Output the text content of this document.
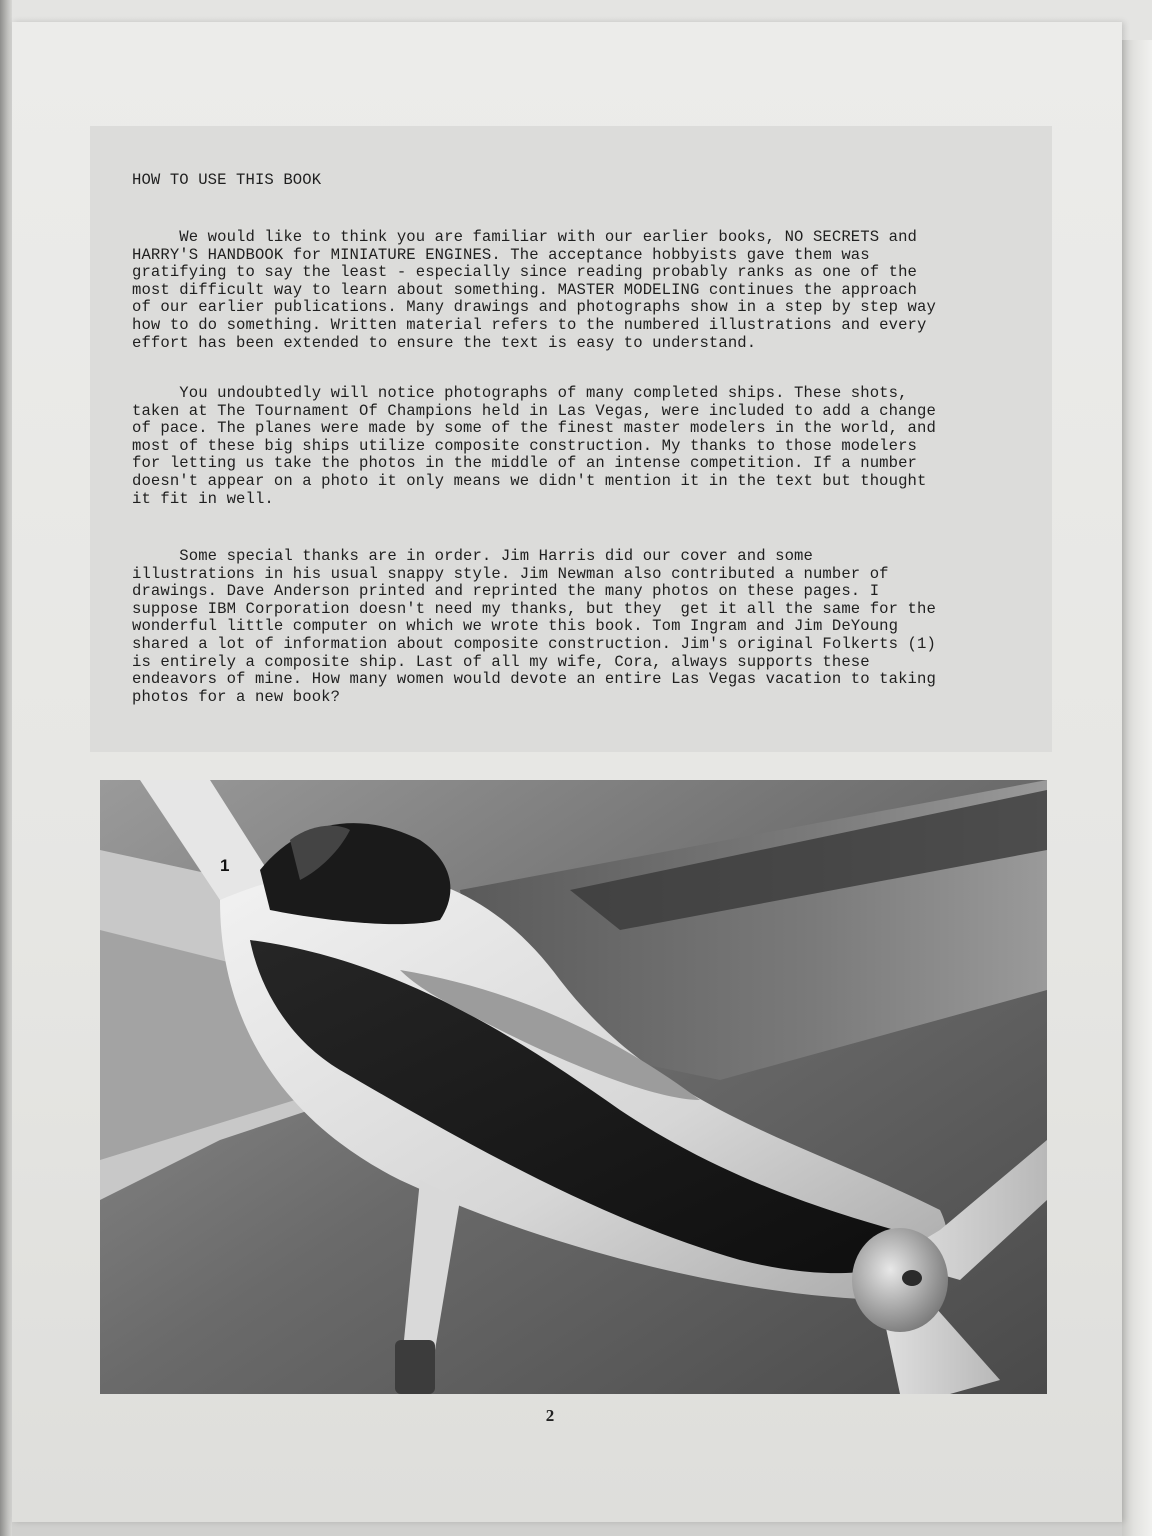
HOW TO USE THIS BOOK
We would like to think you are familiar with our earlier books, NO SECRETS and
HARRY'S HANDBOOK for MINIATURE ENGINES. The acceptance hobbyists gave them was
gratifying to say the least - especially since reading probably ranks as one of the
most difficult way to learn about something. MASTER MODELING continues the approach
of our earlier publications. Many drawings and photographs show in a step by step way
how to do something. Written material refers to the numbered illustrations and every
effort has been extended to ensure the text is easy to understand.
You undoubtedly will notice photographs of many completed ships. These shots,
taken at The Tournament Of Champions held in Las Vegas, were included to add a change
of pace. The planes were made by some of the finest master modelers in the world, and
most of these big ships utilize composite construction. My thanks to those modelers
for letting us take the photos in the middle of an intense competition. If a number
doesn't appear on a photo it only means we didn't mention it in the text but thought
it fit in well.
Some special thanks are in order. Jim Harris did our cover and some
illustrations in his usual snappy style. Jim Newman also contributed a number of
drawings. Dave Anderson printed and reprinted the many photos on these pages. I
suppose IBM Corporation doesn't need my thanks, but they  get it all the same for the
wonderful little computer on which we wrote this book. Tom Ingram and Jim DeYoung
shared a lot of information about composite construction. Jim's original Folkerts (1)
is entirely a composite ship. Last of all my wife, Cora, always supports these
endeavors of mine. How many women would devote an entire Las Vegas vacation to taking
photos for a new book?
1
2
